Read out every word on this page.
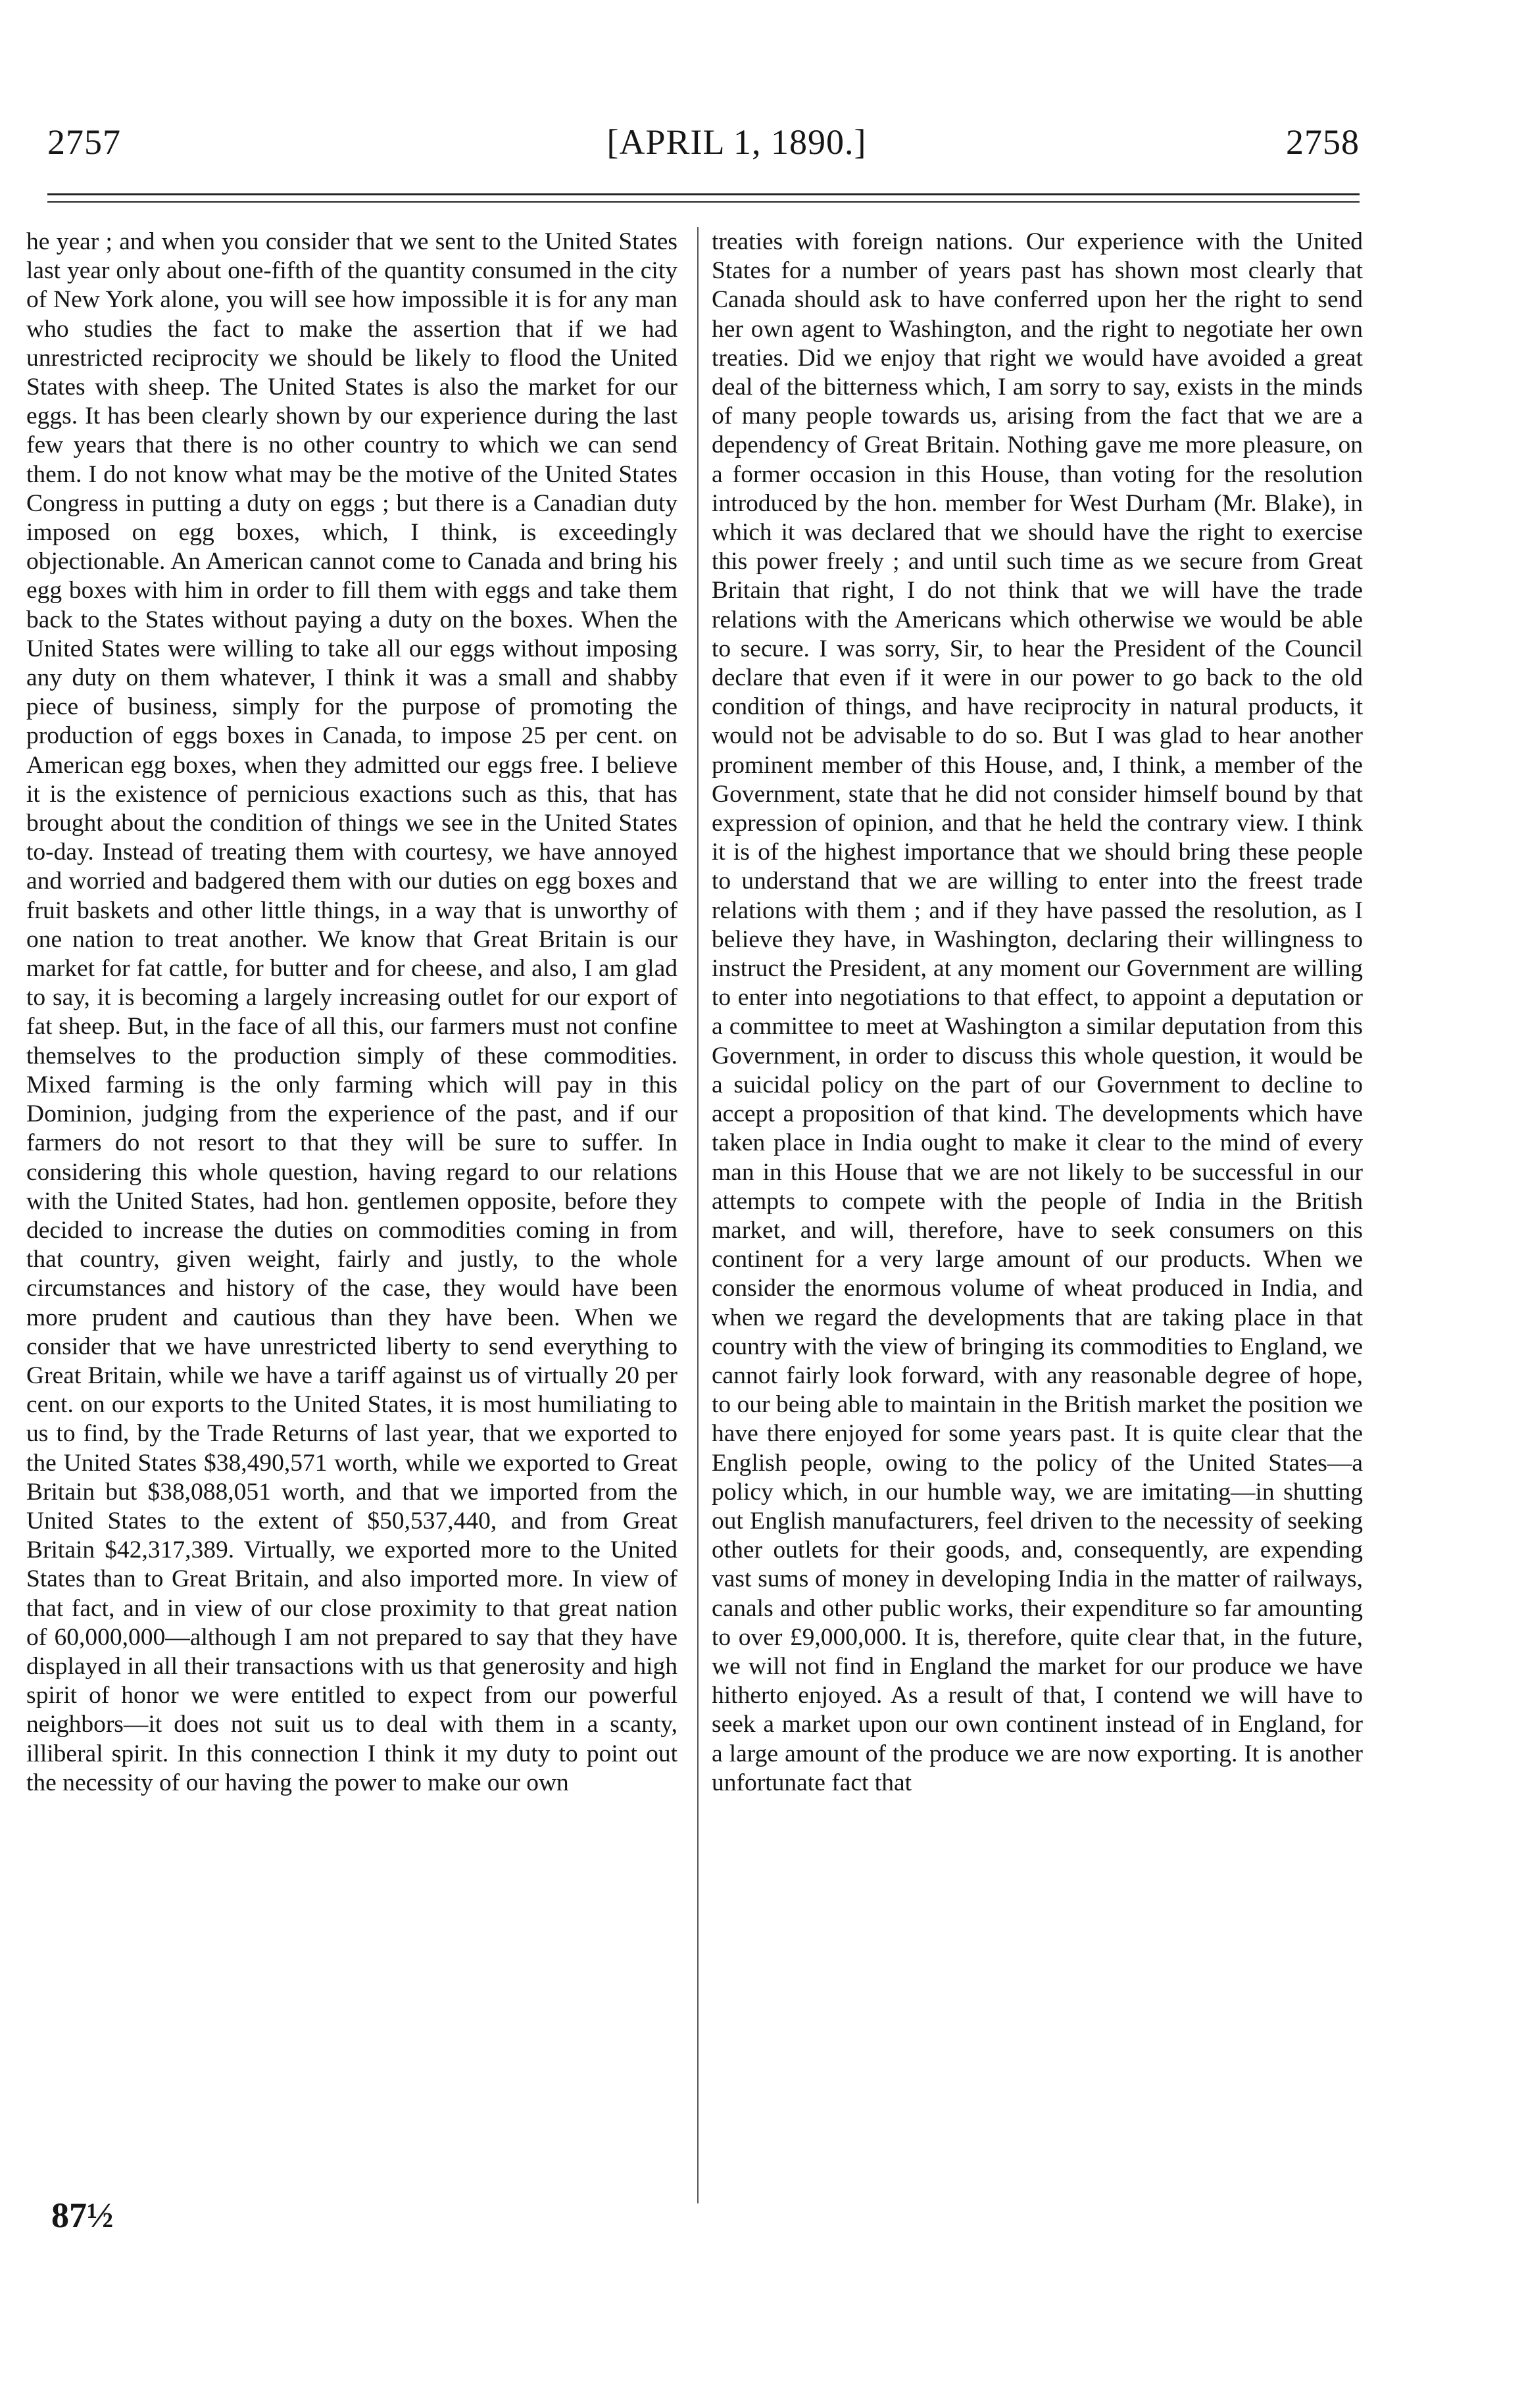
2757	[APRIL 1, 1890.]	2758

he year ; and when you consider that we sent to the United States last year only about one-fifth of the quantity consumed in the city of New York alone, you will see how impossible it is for any man who studies the fact to make the assertion that if we had unrestricted reciprocity we should be likely to flood the United States with sheep. The United States is also the market for our eggs. It has been clearly shown by our experience during the last few years that there is no other country to which we can send them. I do not know what may be the motive of the United States Congress in putting a duty on eggs ; but there is a Canadian duty imposed on egg boxes, which, I think, is exceedingly objectionable. An American cannot come to Canada and bring his egg boxes with him in order to fill them with eggs and take them back to the States without paying a duty on the boxes. When the United States were willing to take all our eggs without imposing any duty on them whatever, I think it was a small and shabby piece of business, simply for the purpose of promoting the production of eggs boxes in Canada, to impose 25 per cent. on American egg boxes, when they admitted our eggs free. I believe it is the existence of pernicious exactions such as this, that has brought about the condition of things we see in the United States to-day. Instead of treating them with courtesy, we have annoyed and worried and badgered them with our duties on egg boxes and fruit baskets and other little things, in a way that is unworthy of one nation to treat another. We know that Great Britain is our market for fat cattle, for butter and for cheese, and also, I am glad to say, it is becoming a largely increasing outlet for our export of fat sheep. But, in the face of all this, our farmers must not confine themselves to the production simply of these commodities. Mixed farming is the only farming which will pay in this Dominion, judging from the experience of the past, and if our farmers do not resort to that they will be sure to suffer. In considering this whole question, having regard to our relations with the United States, had hon. gentlemen opposite, before they decided to increase the duties on commodities coming in from that country, given weight, fairly and justly, to the whole circumstances and history of the case, they would have been more prudent and cautious than they have been. When we consider that we have unrestricted liberty to send everything to Great Britain, while we have a tariff against us of virtually 20 per cent. on our exports to the United States, it is most humiliating to us to find, by the Trade Returns of last year, that we exported to the United States $38,490,571 worth, while we exported to Great Britain but $38,088,051 worth, and that we imported from the United States to the extent of $50,537,440, and from Great Britain $42,317,389. Virtually, we exported more to the United States than to Great Britain, and also imported more. In view of that fact, and in view of our close proximity to that great nation of 60,000,000—although I am not prepared to say that they have displayed in all their transactions with us that generosity and high spirit of honor we were entitled to expect from our powerful neighbors—it does not suit us to deal with them in a scanty, illiberal spirit. In this connection I think it my duty to point out the necessity of our having the power to make our own

treaties with foreign nations. Our experience with the United States for a number of years past has shown most clearly that Canada should ask to have conferred upon her the right to send her own agent to Washington, and the right to negotiate her own treaties. Did we enjoy that right we would have avoided a great deal of the bitterness which, I am sorry to say, exists in the minds of many people towards us, arising from the fact that we are a dependency of Great Britain. Nothing gave me more pleasure, on a former occasion in this House, than voting for the resolution introduced by the hon. member for West Durham (Mr. Blake), in which it was declared that we should have the right to exercise this power freely ; and until such time as we secure from Great Britain that right, I do not think that we will have the trade relations with the Americans which otherwise we would be able to secure. I was sorry, Sir, to hear the President of the Council declare that even if it were in our power to go back to the old condition of things, and have reciprocity in natural products, it would not be advisable to do so. But I was glad to hear another prominent member of this House, and, I think, a member of the Government, state that he did not consider himself bound by that expression of opinion, and that he held the contrary view. I think it is of the highest importance that we should bring these people to understand that we are willing to enter into the freest trade relations with them ; and if they have passed the resolution, as I believe they have, in Washington, declaring their willingness to instruct the President, at any moment our Government are willing to enter into negotiations to that effect, to appoint a deputation or a committee to meet at Washington a similar deputation from this Government, in order to discuss this whole question, it would be a suicidal policy on the part of our Government to decline to accept a proposition of that kind. The developments which have taken place in India ought to make it clear to the mind of every man in this House that we are not likely to be successful in our attempts to compete with the people of India in the British market, and will, therefore, have to seek consumers on this continent for a very large amount of our products. When we consider the enormous volume of wheat produced in India, and when we regard the developments that are taking place in that country with the view of bringing its commodities to England, we cannot fairly look forward, with any reasonable degree of hope, to our being able to maintain in the British market the position we have there enjoyed for some years past. It is quite clear that the English people, owing to the policy of the United States—a policy which, in our humble way, we are imitating—in shutting out English manufacturers, feel driven to the necessity of seeking other outlets for their goods, and, consequently, are expending vast sums of money in developing India in the matter of railways, canals and other public works, their expenditure so far amounting to over £9,000,000. It is, therefore, quite clear that, in the future, we will not find in England the market for our produce we have hitherto enjoyed. As a result of that, I contend we will have to seek a market upon our own continent instead of in England, for a large amount of the produce we are now exporting. It is another unfortunate fact that

87½
